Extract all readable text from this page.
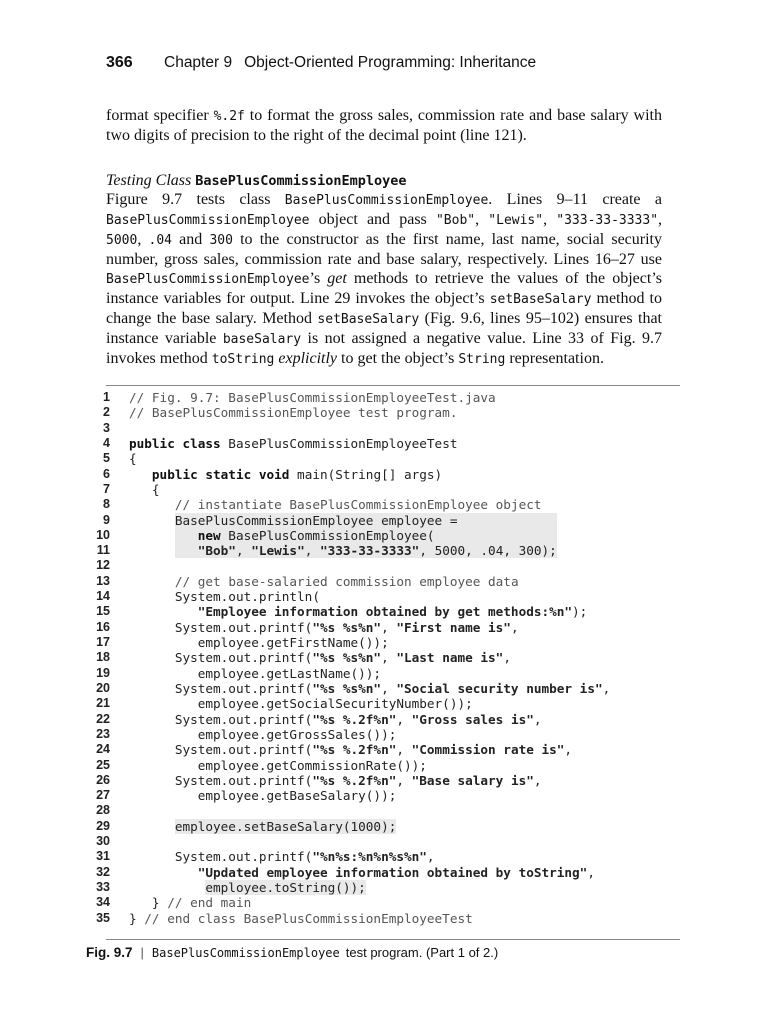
366	Chapter 9 Object-Oriented Programming: Inheritance

format specifier %.2f to format the gross sales, commission rate and base salary with two digits of precision to the right of the decimal point (line 121).

Testing Class BasePlusCommissionEmployee

Figure 9.7 tests class BasePlusCommissionEmployee. Lines 9–11 create a BasePlusCommissionEmployee object and pass "Bob", "Lewis", "333-33-3333", 5000, .04 and 300 to the constructor as the first name, last name, social security number, gross sales, commission rate and base salary, respectively. Lines 16–27 use BasePlusCommissionEmployee’s get methods to retrieve the values of the object’s instance variables for output. Line 29 invokes the object’s setBaseSalary method to change the base salary. Method setBaseSalary (Fig. 9.6, lines 95–102) ensures that instance variable baseSalary is not assigned a negative value. Line 33 of Fig. 9.7 invokes method toString explicitly to get the object’s String representation.

1 // Fig. 9.7: BasePlusCommissionEmployeeTest.java
2 // BasePlusCommissionEmployee test program.
3
4 public class BasePlusCommissionEmployeeTest
5 {
6	public static void main(String[] args)
7 {
8	// instantiate BasePlusCommissionEmployee object
9 BasePlusCommissionEmployee employee =
10	new BasePlusCommissionEmployee(
11	"Bob", "Lewis", "333-33-3333", 5000, .04, 300);
12
13	// get base-salaried commission employee data
14 System.out.println(
15	"Employee information obtained by get methods:%n");
16 System.out.printf("%s %s%n", "First name is",
17 employee.getFirstName());
18 System.out.printf("%s %s%n", "Last name is",
19 employee.getLastName());
20 System.out.printf("%s %s%n", "Social security number is",
21 employee.getSocialSecurityNumber());
22 System.out.printf("%s %.2f%n", "Gross sales is",
23 employee.getGrossSales());
24 System.out.printf("%s %.2f%n", "Commission rate is",
25 employee.getCommissionRate());
26 System.out.printf("%s %.2f%n", "Base salary is",
27 employee.getBaseSalary());
28
29 employee.setBaseSalary(1000);
30
31 System.out.printf("%n%s:%n%n%s%n",
32	"Updated employee information obtained by toString",
33	employee.toString());
34 } // end main
35 } // end class BasePlusCommissionEmployeeTest
Fig. 9.7 | BasePlusCommissionEmployee test program. (Part 1 of 2.)
